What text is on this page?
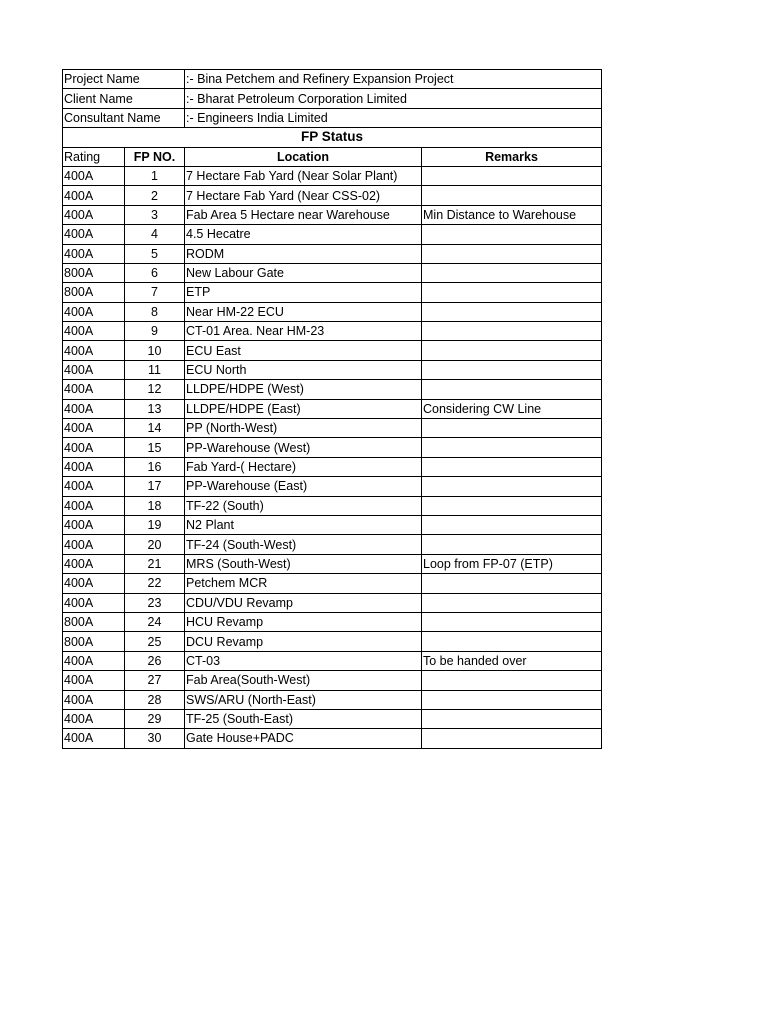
Project Name		:- Bina Petchem and Refinery Expansion Project	
Client Name		:- Bharat Petroleum Corporation Limited	
Consultant Name		:- Engineers India Limited	
FP Status			
Rating	FP NO.	Location	Remarks
400A	1	7 Hectare Fab Yard (Near Solar Plant)	
400A	2	7 Hectare Fab Yard (Near CSS-02)	
400A	3	Fab Area 5 Hectare near Warehouse	Min Distance to Warehouse
400A	4	4.5 Hecatre	
400A	5	RODM	
800A	6	New Labour Gate	
800A	7	ETP	
400A	8	Near HM-22 ECU	
400A	9	CT-01 Area. Near HM-23	
400A	10	ECU East	
400A	11	ECU North	
400A	12	LLDPE/HDPE (West)	
400A	13	LLDPE/HDPE (East)	Considering CW Line
400A	14	PP (North-West)	
400A	15	PP-Warehouse (West)	
400A	16	Fab Yard-( Hectare)	
400A	17	PP-Warehouse (East)	
400A	18	TF-22 (South)	
400A	19	N2 Plant	
400A	20	TF-24 (South-West)	
400A	21	MRS (South-West)	Loop from FP-07 (ETP)
400A	22	Petchem MCR	
400A	23	CDU/VDU Revamp	
800A	24	HCU Revamp	
800A	25	DCU Revamp	
400A	26	CT-03	To be handed over
400A	27	Fab Area(South-West)	
400A	28	SWS/ARU (North-East)	
400A	29	TF-25 (South-East)	
400A	30	Gate House+PADC	
